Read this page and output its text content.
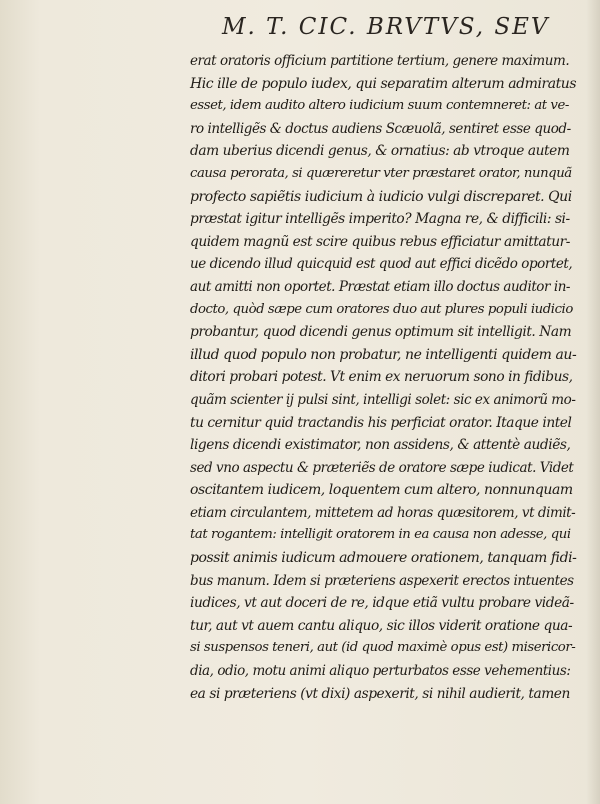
M. T. CIC. BRVTVS, SEV
erat oratoris officium partitione tertium, genere maximum.
Hic ille de populo iudex, qui separatim alterum admiratus
esset, idem audito altero iudicium suum contemneret: at ve-
ro intelligẽs & doctus audiens Scæuolã, sentiret esse quod-
dam uberius dicendi genus, & ornatius: ab vtroque autem
causa perorata, si quæreretur vter præstaret orator, nunquã
profecto sapiẽtis iudicium à iudicio vulgi discreparet. Qui
præstat igitur intelligẽs imperito? Magna re, & difficili: si-
quidem magnũ est scire quibus rebus efficiatur amittatur-
ue dicendo illud quicquid est quod aut effici dicẽdo oportet,
aut amitti non oportet. Præstat etiam illo doctus auditor in-
docto, quòd sæpe cum oratores duo aut plures populi iudicio
probantur, quod dicendi genus optimum sit intelligit. Nam
illud quod populo non probatur, ne intelligenti quidem au-
ditori probari potest. Vt enim ex neruorum sono in fidibus,
quãm scienter ij pulsi sint, intelligi solet: sic ex animorũ mo-
tu cernitur quid tractandis his perficiat orator. Itaque intel
ligens dicendi existimator, non assidens, & attentè audiẽs,
sed vno aspectu & præteriẽs de oratore sæpe iudicat. Videt
oscitantem iudicem, loquentem cum altero, nonnunquam
etiam circulantem, mittetem ad horas quæsitorem, vt dimit-
tat rogantem: intelligit oratorem in ea causa non adesse, qui
possit animis iudicum admouere orationem, tanquam fidi-
bus manum. Idem si præteriens aspexerit erectos intuentes
iudices, vt aut doceri de re, idque etiã vultu probare videã-
tur, aut vt auem cantu aliquo, sic illos viderit oratione qua-
si suspensos teneri, aut (id quod maximè opus est) misericor-
dia, odio, motu animi aliquo perturbatos esse vehementius:
ea si præteriens (vt dixi) aspexerit, si nihil audierit, tamen
